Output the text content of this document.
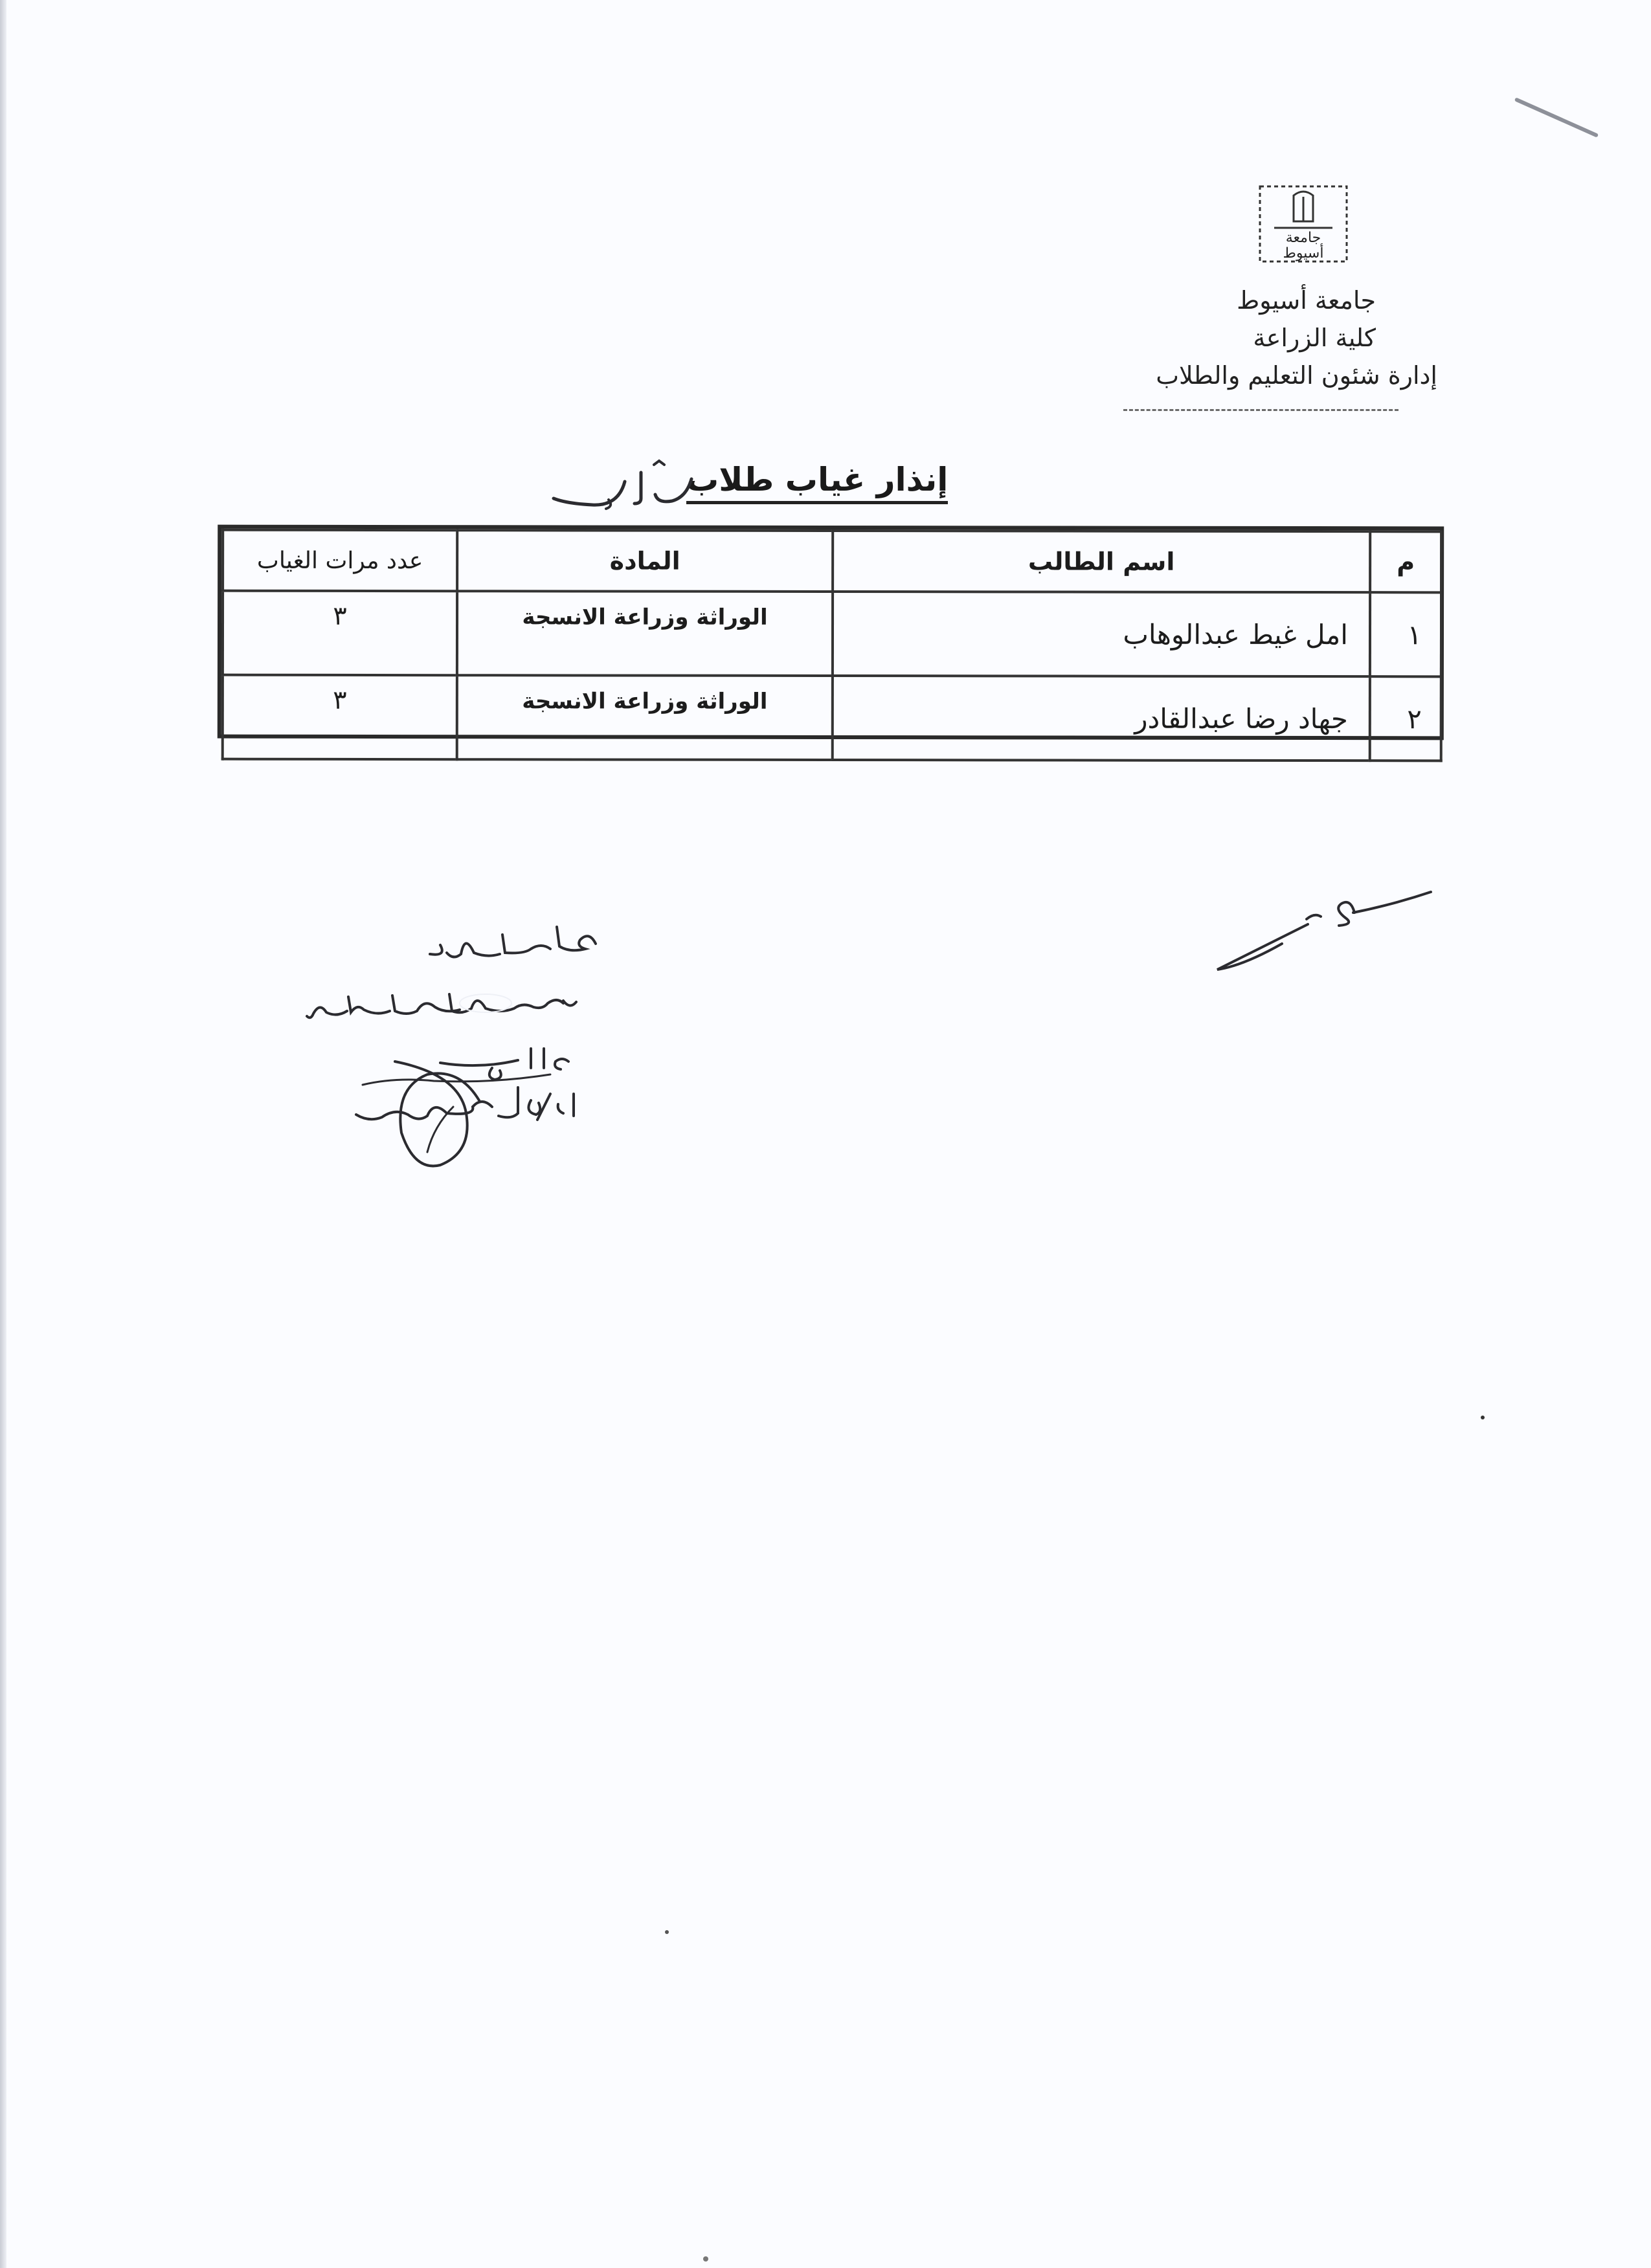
جامعة
أسيوط
جامعة أسيوط
كلية الزراعة
إدارة شئون التعليم والطلاب
إنذار غياب طلاب
م	اسم الطالب	المادة	عدد مرات الغياب
١	امل غيط عبدالوهاب	الوراثة وزراعة الانسجة	٣
٢	جهاد رضا عبدالقادر	الوراثة وزراعة الانسجة	٣
